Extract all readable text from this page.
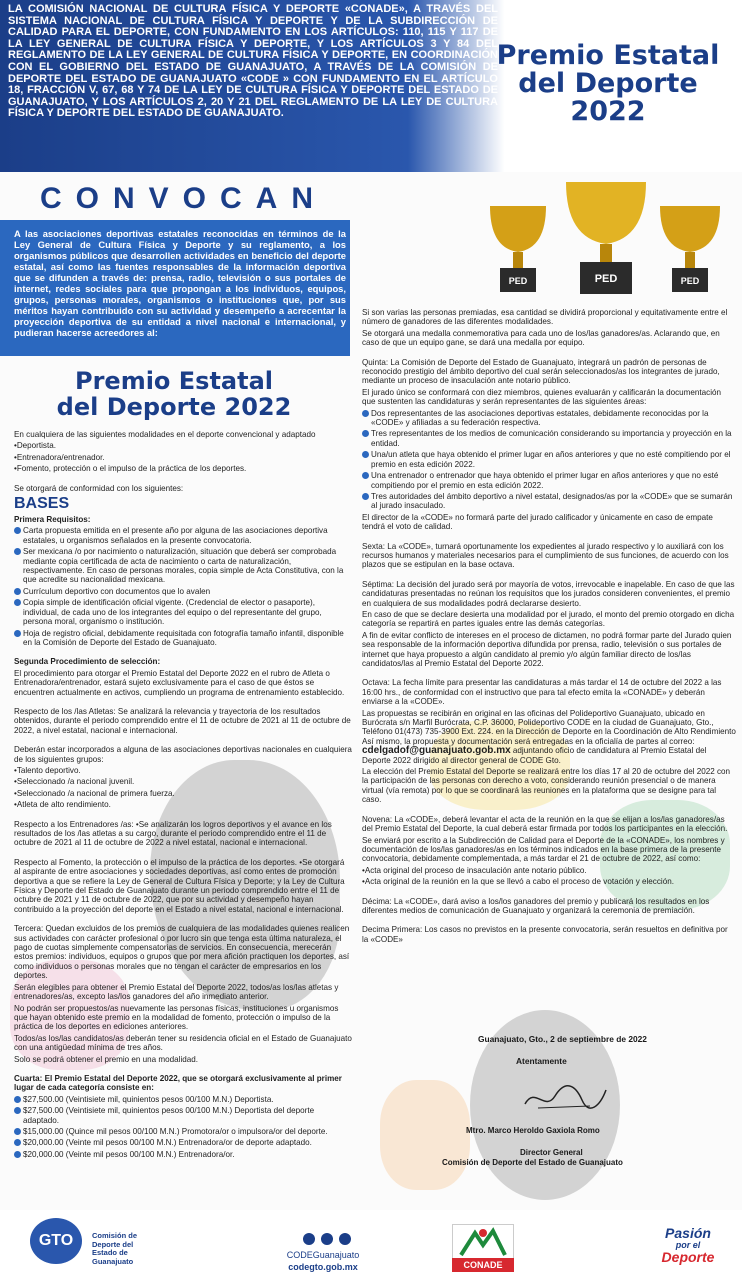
LA COMISIÓN NACIONAL DE CULTURA FÍSICA Y DEPORTE «CONADE», A TRAVÉS DEL SISTEMA NACIONAL DE CULTURA FÍSICA Y DEPORTE Y DE LA SUBDIRECCIÓN DE CALIDAD PARA EL DEPORTE, CON FUNDAMENTO EN LOS ARTÍCULOS: 110, 115 Y 117 DE LA LEY GENERAL DE CULTURA FÍSICA Y DEPORTE, Y LOS ARTÍCULOS 3 Y 84 DEL REGLAMENTO DE LA LEY GENERAL DE CULTURA FÍSICA Y DEPORTE, EN COORDINACIÓN CON EL GOBIERNO DEL ESTADO DE GUANAJUATO, A TRAVÉS DE LA COMISIÓN DE DEPORTE DEL ESTADO DE GUANAJUATO «CODE » CON FUNDAMENTO EN EL ARTÍCULO 18, FRACCIÓN V, 67, 68 Y 74 DE LA LEY DE CULTURA FÍSICA Y DEPORTE DEL ESTADO DE GUANAJUATO, Y LOS ARTÍCULOS 2, 20 Y 21 DEL REGLAMENTO DE LA LEY DE CULTURA FÍSICA Y DEPORTE DEL ESTADO DE GUANAJUATO.
Premio Estatal
del Deporte 2022
CONVOCAN
PED	PED	PED
A las asociaciones deportivas estatales reconocidas en términos de la Ley General de Cultura Física y Deporte y su reglamento, a los organismos públicos que desarrollen actividades en beneficio del deporte estatal, así como las fuentes responsables de la información deportiva que se difunden a través de: prensa, radio, televisión o sus portales de internet, redes sociales para que propongan a los individuos, equipos, grupos, personas morales, organismos o instituciones que, por sus méritos hayan contribuido con su actividad y desempeño a acrecentar la proyección deportiva de su entidad a nivel nacional e internacional, y pudieran hacerse acreedores al:
Premio Estatal
del Deporte 2022

En cualquiera de las siguientes modalidades en el deporte convencional y adaptado

•Deportista.

•Entrenadora/entrenador.

•Fomento, protección o el impulso de la práctica de los deportes.

Se otorgará de conformidad con los siguientes:

BASES

Primera Requisitos:

Carta propuesta emitida en el presente año por alguna de las asociaciones deportiva estatales, u organismos señalados en la presente convocatoria.

Ser mexicana /o por nacimiento o naturalización, situación que deberá ser comprobada mediante copia certificada de acta de nacimiento o carta de naturalización, respectivamente. En caso de personas morales, copia simple de Acta Constitutiva, con la que acredite su nacionalidad mexicana.

Currículum deportivo con documentos que lo avalen

Copia simple de identificación oficial vigente. (Credencial de elector o pasaporte), individual, de cada uno de los integrantes del equipo o del representante del grupo, persona moral, organismo o institución.

Hoja de registro oficial, debidamente requisitada con fotografía tamaño infantil, disponible en la Comisión de Deporte del Estado de Guanajuato.

Segunda Procedimiento de selección:

El procedimiento para otorgar el Premio Estatal del Deporte 2022 en el rubro de Atleta o Entrenadora/entrenador, estará sujeto exclusivamente para el caso de que éstos se encuentren actualmente en activos, cumpliendo un programa de entrenamiento establecido.

Respecto de los /las Atletas: Se analizará la relevancia y trayectoria de los resultados obtenidos, durante el periodo comprendido entre el 11 de octubre de 2021 al 11 de octubre de 2022, a nivel estatal, nacional e internacional.

Deberán estar incorporados a alguna de las asociaciones deportivas nacionales en cualquiera de los siguientes grupos:

•Talento deportivo.

•Seleccionado /a nacional juvenil.

•Seleccionado /a nacional de primera fuerza.

•Atleta de alto rendimiento.

Respecto a los Entrenadores /as: •Se analizarán los logros deportivos y el avance en los resultados de los /las atletas a su cargo, durante el periodo comprendido entre el 11 de octubre de 2021 al 11 de octubre de 2022 a nivel estatal, nacional e internacional.

Respecto al Fomento, la protección o el impulso de la práctica de los deportes. •Se otorgará al aspirante de entre asociaciones y sociedades deportivas, así como entes de promoción deportiva a que se refiere la Ley de General de Cultura Física y Deporte; y la Ley de Cultura Física y Deporte del Estado de Guanajuato durante un periodo comprendido entre el 11 de octubre de 2021 y 11 de octubre de 2022, que por su actividad y desempeño hayan contribuido a la proyección del deporte en el Estado a nivel estatal, nacional e internacional.

Tercera: Quedan excluidos de los premios de cualquiera de las modalidades quienes realicen sus actividades con carácter profesional o por lucro sin que tenga esta última naturaleza, el pago de cuotas simplemente compensatorias de servicios. En consecuencia, merecerán estos premios: individuos, equipos o grupos que por mera afición practiquen los deportes, así como individuos o personas morales que no tengan el carácter de empresarios en los deportes.

Serán elegibles para obtener el Premio Estatal del Deporte 2022, todos/as los/las atletas y entrenadores/as, excepto las/los ganadores del año inmediato anterior.

No podrán ser propuestos/as nuevamente las personas físicas, instituciones u organismos que hayan obtenido este premio en la modalidad de fomento, protección o impulso de la práctica de los deportes en ediciones anteriores.

Todos/as los/las candidatos/as deberán tener su residencia oficial en el Estado de Guanajuato con una antigüedad mínima de tres años.

Solo se podrá obtener el premio en una modalidad.

Cuarta: El Premio Estatal del Deporte 2022, que se otorgará exclusivamente al primer lugar de cada categoría consiste en:

$27,500.00 (Veintisiete mil, quinientos pesos 00/100 M.N.) Deportista.

$27,500.00 (Veintisiete mil, quinientos pesos 00/100 M.N.) Deportista del deporte adaptado.

$15,000.00 (Quince mil pesos 00/100 M.N.) Promotora/or o impulsora/or del deporte.

$20,000.00 (Veinte mil pesos 00/100 M.N.) Entrenadora/or de deporte adaptado.

$20,000.00 (Veinte mil pesos 00/100 M.N.) Entrenadora/or.

Si son varias las personas premiadas, esa cantidad se dividirá proporcional y equitativamente entre el número de ganadores de las diferentes modalidades.

Se otorgará una medalla conmemorativa para cada uno de los/las ganadores/as. Aclarando que, en caso de que un equipo gane, se dará una medalla por equipo.

Quinta: La Comisión de Deporte del Estado de Guanajuato, integrará un padrón de personas de reconocido prestigio del ámbito deportivo del cual serán seleccionados/as los integrantes de jurado, mediante un proceso de insaculación ante notario público.

El jurado único se conformará con diez miembros, quienes evaluarán y calificarán la documentación que sustenten las candidaturas y serán representantes de las siguientes áreas:

Dos representantes de las asociaciones deportivas estatales, debidamente reconocidas por la «CODE» y afiliadas a su federación respectiva.

Tres representantes de los medios de comunicación considerando su importancia y proyección en la entidad.

Una/un atleta que haya obtenido el primer lugar en años anteriores y que no esté compitiendo por el premio en esta edición 2022.

Una entrenador o entrenador que haya obtenido el primer lugar en años anteriores y que no esté compitiendo por el premio en esta edición 2022.

Tres autoridades del ámbito deportivo a nivel estatal, designados/as por la «CODE» que se sumarán al jurado insaculado.

El director de la «CODE» no formará parte del jurado calificador y únicamente en caso de empate tendrá el voto de calidad.

Sexta: La «CODE», turnará oportunamente los expedientes al jurado respectivo y lo auxiliará con los recursos humanos y materiales necesarios para el cumplimiento de sus funciones, de acuerdo con los plazos que se estipulan en la base octava.

Séptima: La decisión del jurado será por mayoría de votos, irrevocable e inapelable. En caso de que las candidaturas presentadas no reúnan los requisitos que los jurados consideren convenientes, el premio en cualquiera de sus modalidades podrá declararse desierto.

En caso de que se declare desierta una modalidad por el jurado, el monto del premio otorgado en dicha categoría se repartirá en partes iguales entre las demás categorías.

A fin de evitar conflicto de intereses en el proceso de dictamen, no podrá formar parte del Jurado quien sea responsable de la información deportiva difundida por prensa, radio, televisión o sus portales de internet que haya propuesto a algún candidato al premio y/o algún familiar directo de los/las candidatos/las al Premio Estatal del Deporte 2022.

Octava: La fecha límite para presentar las candidaturas a más tardar el 14 de octubre del 2022 a las 16:00 hrs., de conformidad con el instructivo que para tal efecto emita la «CONADE» y deberán enviarse a la «CODE».

Las propuestas se recibirán en original en las oficinas del Polideportivo Guanajuato, ubicado en Burócrata s/n Marfil Burócrata, C.P. 36000, Polideportivo CODE en la ciudad de Guanajuato, Gto., Teléfono 01(473) 735-3900 Ext. 224. en la Dirección de Deporte en la Coordinación de Alto Rendimiento Así mismo, la propuesta y documentación será entregadas en la oficialía de partes al correo: cdelgadof@guanajuato.gob.mx adjuntando oficio de candidatura al Premio Estatal del Deporte 2022 dirigido al director general de CODE Gto.

La elección del Premio Estatal del Deporte se realizará entre los días 17 al 20 de octubre del 2022 con la participación de las personas con derecho a voto, considerando reunión presencial o de manera virtual (vía remota) por lo que se coordinará las reuniones en la plataforma que se designe para tal caso.

Novena: La «CODE», deberá levantar el acta de la reunión en la que se elijan a los/las ganadores/as del Premio Estatal del Deporte, la cual deberá estar firmada por todos los participantes en la elección.

Se enviará por escrito a la Subdirección de Calidad para el Deporte de la «CONADE», los nombres y documentación de los/las ganadores/as en los términos indicados en la base primera de la presente convocatoria, debidamente complementada, a más tardar el 21 de octubre de 2022, así como:

•Acta original del proceso de insaculación ante notario público.

•Acta original de la reunión en la que se llevó a cabo el proceso de votación y elección.

Décima: La «CODE», dará aviso a los/los ganadores del premio y publicará los resultados en los diferentes medios de comunicación de Guanajuato y organizará la ceremonia de premiación.

Decima Primera: Los casos no previstos en la presente convocatoria, serán resueltos en definitiva por la «CODE»

Guanajuato, Gto., 2 de septiembre de 2022
Atentamente
Mtro. Marco Heroldo Gaxiola Romo
Director General
Comisión de Deporte del Estado de Guanajuato
GTO	Comisión de Deporte del Estado de Guanajuato

CODEGuanajuato
codegto.gob.mx	CONADE
Pasión
por el
Deporte
